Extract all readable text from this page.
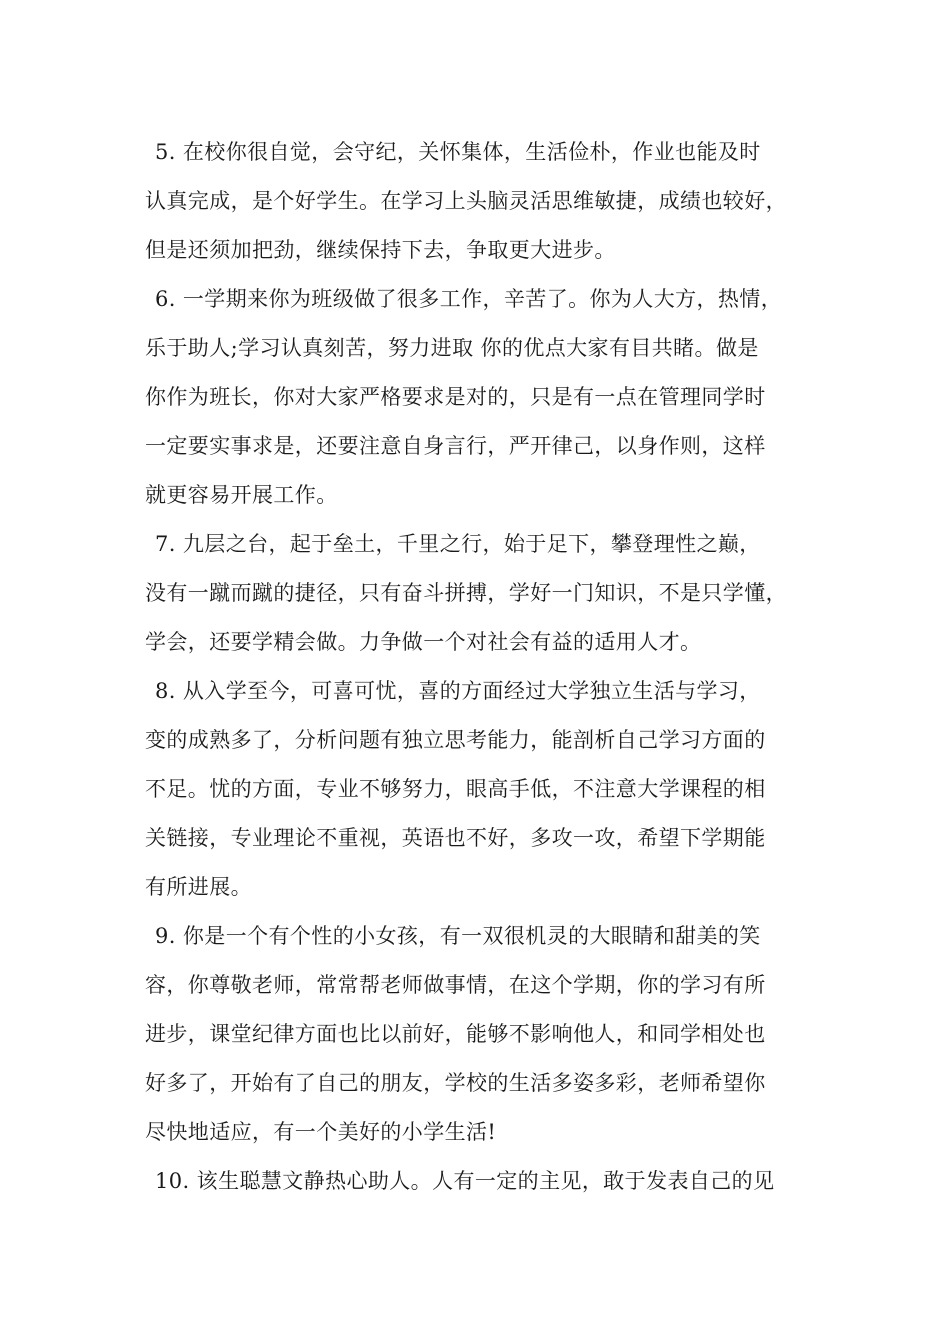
5. 在校你很自觉，会守纪，关怀集体，生活俭朴，作业也能及时
认真完成，是个好学生。在学习上头脑灵活思维敏捷，成绩也较好，
但是还须加把劲，继续保持下去，争取更大进步。
6. 一学期来你为班级做了很多工作，辛苦了。你为人大方，热情，
乐于助人;学习认真刻苦，努力进取 你的优点大家有目共睹。做是
你作为班长，你对大家严格要求是对的，只是有一点在管理同学时
一定要实事求是，还要注意自身言行，严开律己，以身作则，这样
就更容易开展工作。
7. 九层之台，起于垒土，千里之行，始于足下，攀登理性之巅，
没有一蹴而蹴的捷径，只有奋斗拼搏，学好一门知识，不是只学懂，
学会，还要学精会做。力争做一个对社会有益的适用人才。
8. 从入学至今，可喜可忧，喜的方面经过大学独立生活与学习，
变的成熟多了，分析问题有独立思考能力，能剖析自己学习方面的
不足。忧的方面，专业不够努力，眼高手低，不注意大学课程的相
关链接，专业理论不重视，英语也不好，多攻一攻，希望下学期能
有所进展。
9. 你是一个有个性的小女孩，有一双很机灵的大眼睛和甜美的笑
容，你尊敬老师，常常帮老师做事情，在这个学期，你的学习有所
进步，课堂纪律方面也比以前好，能够不影响他人，和同学相处也
好多了，开始有了自己的朋友，学校的生活多姿多彩，老师希望你
尽快地适应，有一个美好的小学生活!
10. 该生聪慧文静热心助人。人有一定的主见，敢于发表自己的见
